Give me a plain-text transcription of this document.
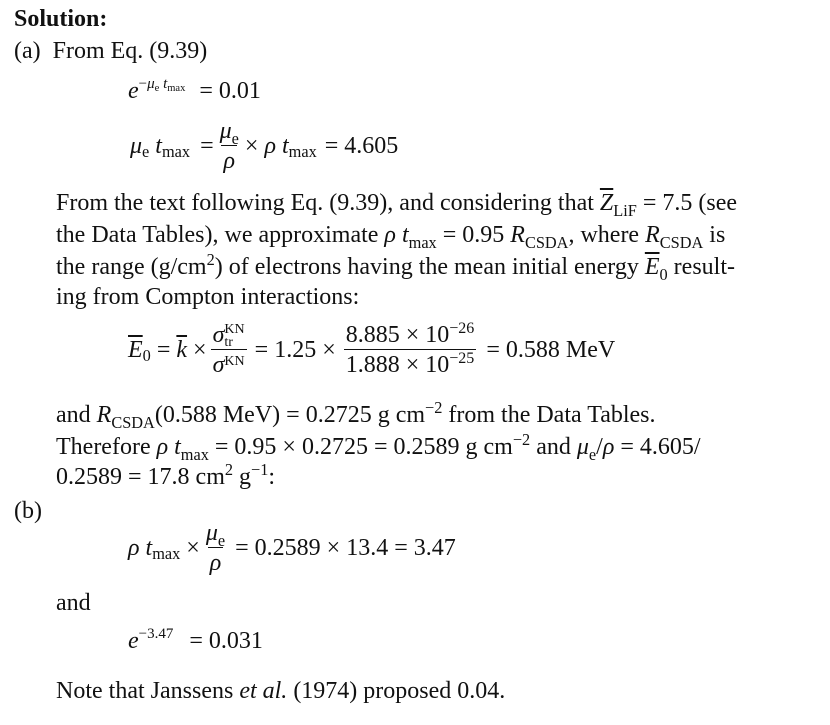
Solution:
(a) From Eq. (9.39)
$e^{-\mu_e t_{max}} = 0.01$
$\mu_e$ $t_{max} = \frac{\mu_e}{\rho} \times \rho$ $t_{max} = 4.605$
From the text following Eq. (9.39), and considering that $\overline{Z}_{LiF} = 7.5$ (see
the Data Tables), we approximate ρ $t_{max} = 0.95$ $R_{CSDA}$, where $R_{CSDA}$ is
the range $(g/cm^2)$ of electrons having the mean initial energy $\overline{E}_0$ result-
ing from Compton interactions:
$\overline{E}_0 = \overline{k} \times \sigma$ KN
tr
$\sigma^{KN} = 1.25 \times \frac{8.885 \times 10^{-26}}{1.888 \times 10^{-25}} = 0.588$ MeV
and $R_{CSDA}(0.588$ MeV) = 0.2725 g $cm^{-2}$ from the Data Tables.
Therefore ρ $t_{max} = 0.95 \times 0.2725 = 0.2589$ g $cm^{-2}$ and $\mu_e/\rho = 4.605/$
0.2589 = 17.8 $cm^2$ $g^{-1}$:
(b)
ρ $t_{max} \times \frac{\mu_e}{\rho} = 0.2589 \times 13.4 = 3.47$
and
$e^{-3.47} = 0.031$
Note that Janssens et al. (1974) proposed 0.04.
